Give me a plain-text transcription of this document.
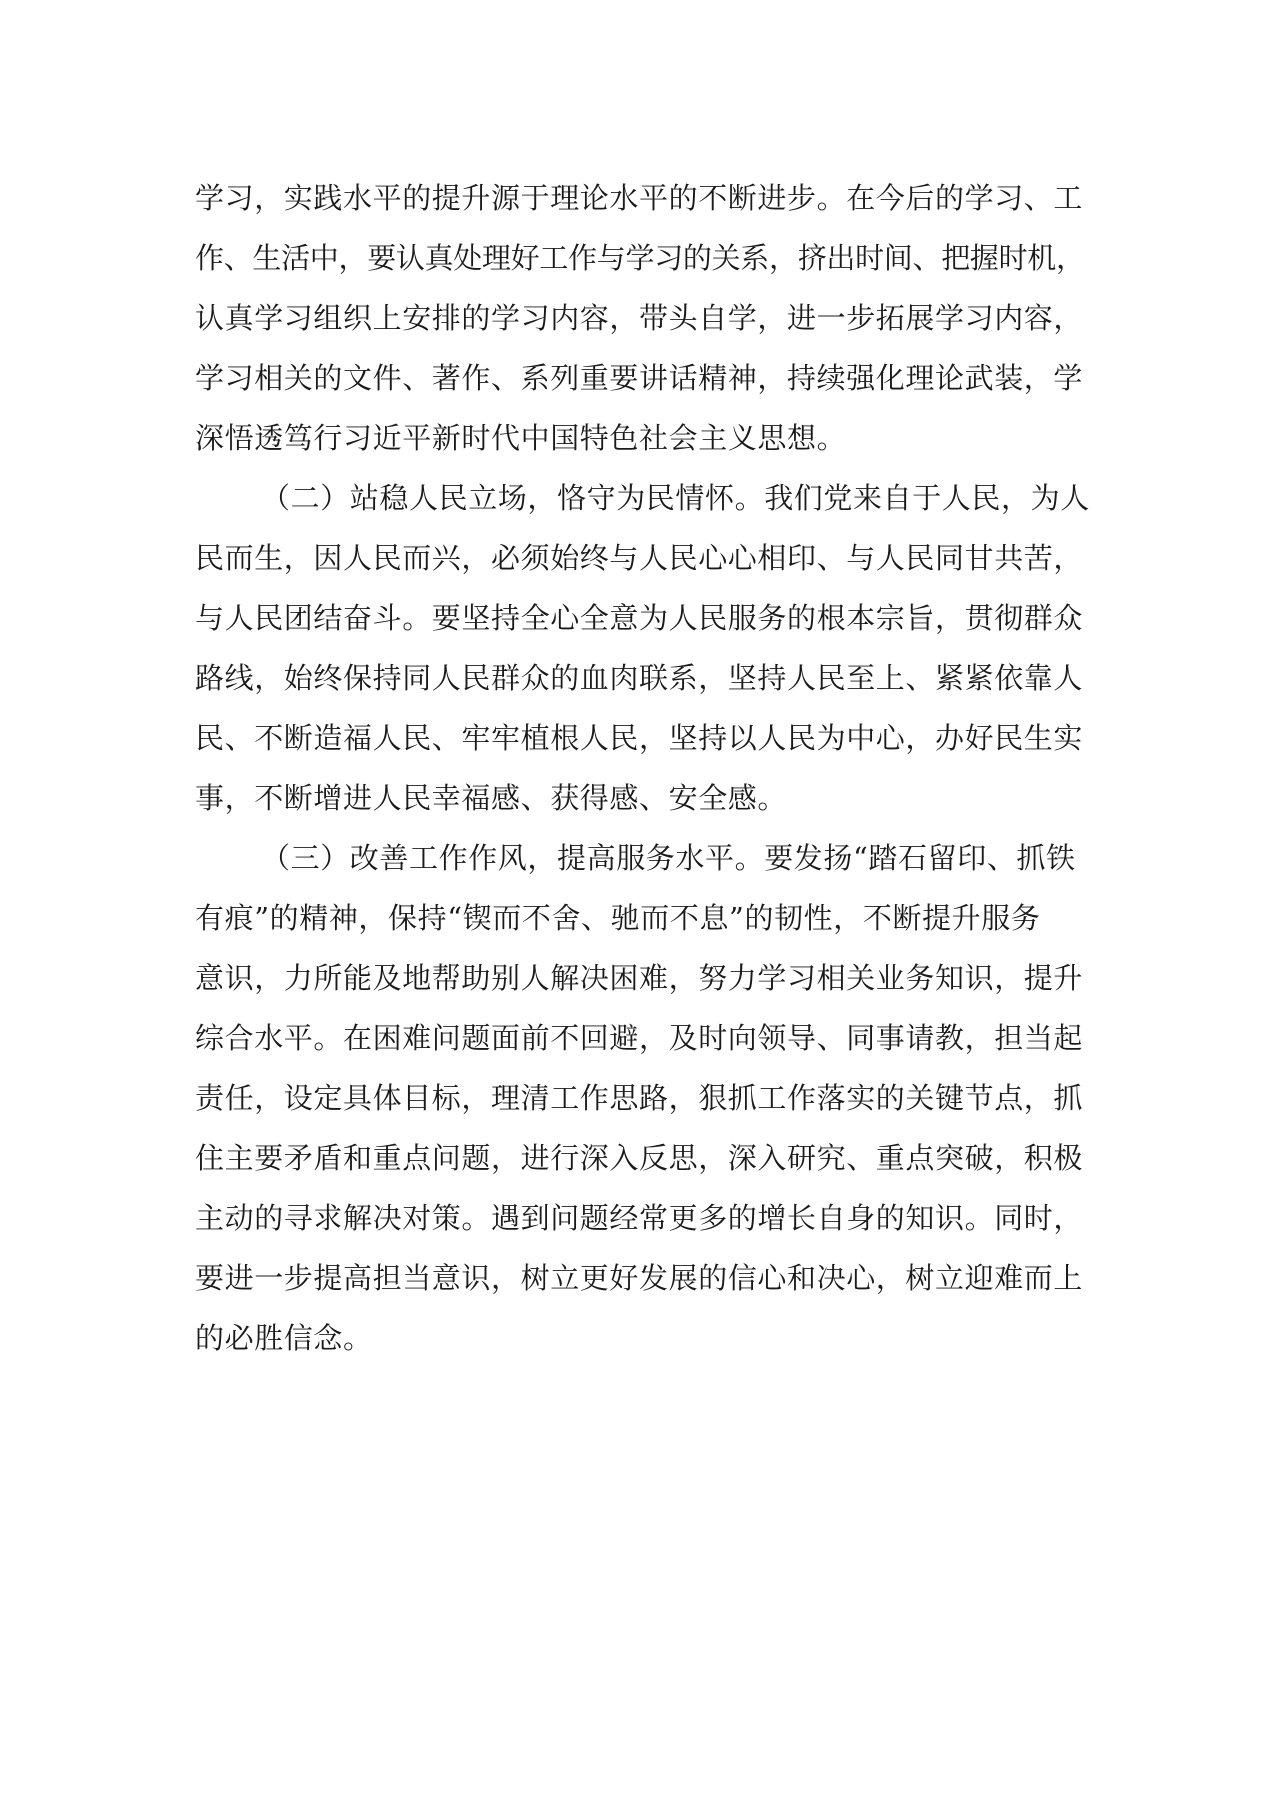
学习，实践水平的提升源于理论水平的不断进步。在今后的学习、工
作、生活中，要认真处理好工作与学习的关系，挤出时间、把握时机，
认真学习组织上安排的学习内容，带头自学，进一步拓展学习内容，
学习相关的文件、著作、系列重要讲话精神，持续强化理论武装，学
深悟透笃行习近平新时代中国特色社会主义思想。
（二）站稳人民立场，恪守为民情怀。我们党来自于人民，为人
民而生，因人民而兴，必须始终与人民心心相印、与人民同甘共苦，
与人民团结奋斗。要坚持全心全意为人民服务的根本宗旨，贯彻群众
路线，始终保持同人民群众的血肉联系，坚持人民至上、紧紧依靠人
民、不断造福人民、牢牢植根人民，坚持以人民为中心，办好民生实
事，不断增进人民幸福感、获得感、安全感。
（三）改善工作作风，提高服务水平。要发扬“踏石留印、抓铁
有痕”的精神，保持“锲而不舍、驰而不息”的韧性，不断提升服务
意识，力所能及地帮助别人解决困难，努力学习相关业务知识，提升
综合水平。在困难问题面前不回避，及时向领导、同事请教，担当起
责任，设定具体目标，理清工作思路，狠抓工作落实的关键节点，抓
住主要矛盾和重点问题，进行深入反思，深入研究、重点突破，积极
主动的寻求解决对策。遇到问题经常更多的增长自身的知识。同时，
要进一步提高担当意识，树立更好发展的信心和决心，树立迎难而上
的必胜信念。
